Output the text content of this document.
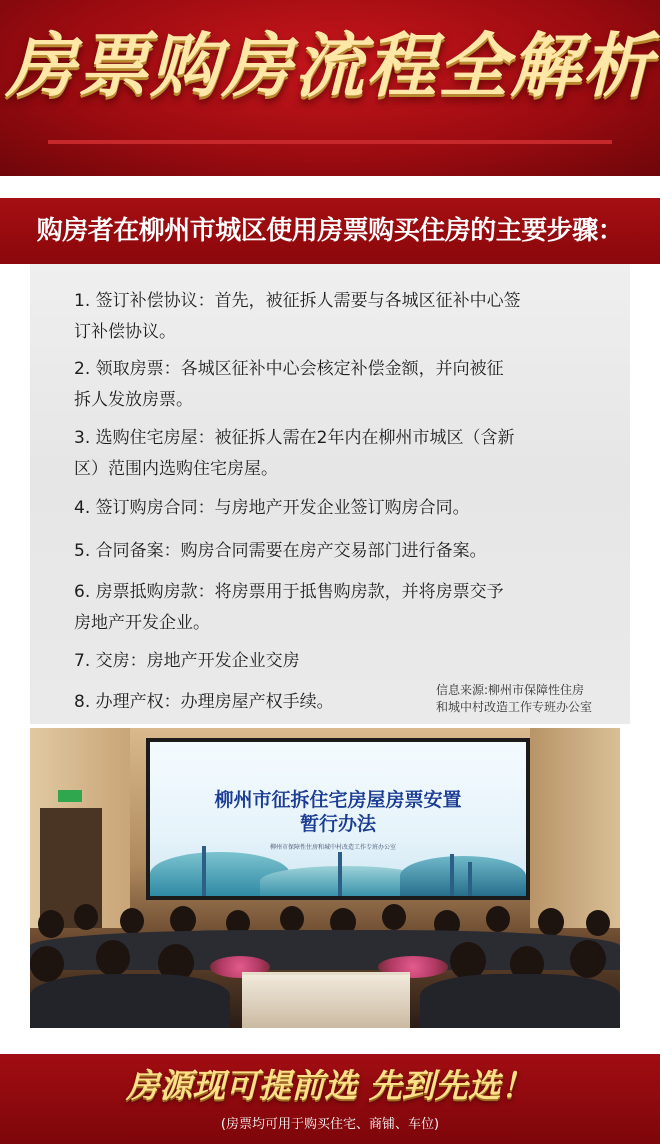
房票购房流程全解析
购房者在柳州市城区使用房票购买住房的主要步骤：
1. 签订补偿协议：首先，被征拆人需要与各城区征补中心签
订补偿协议。
2. 领取房票：各城区征补中心会核定补偿金额，并向被征
拆人发放房票。
3. 选购住宅房屋：被征拆人需在2年内在柳州市城区（含新
区）范围内选购住宅房屋。
4. 签订购房合同：与房地产开发企业签订购房合同。
5. 合同备案：购房合同需要在房产交易部门进行备案。
6. 房票抵购房款：将房票用于抵售购房款，并将房票交予
房地产开发企业。
7. 交房：房地产开发企业交房
8. 办理产权：办理房屋产权手续。
信息来源:柳州市保障性住房
和城中村改造工作专班办公室
柳州市征拆住宅房屋房票安置
暂行办法
柳州市保障性住房和城中村改造工作专班办公室
房源现可提前选 先到先选！
(房票均可用于购买住宅、商铺、车位)
